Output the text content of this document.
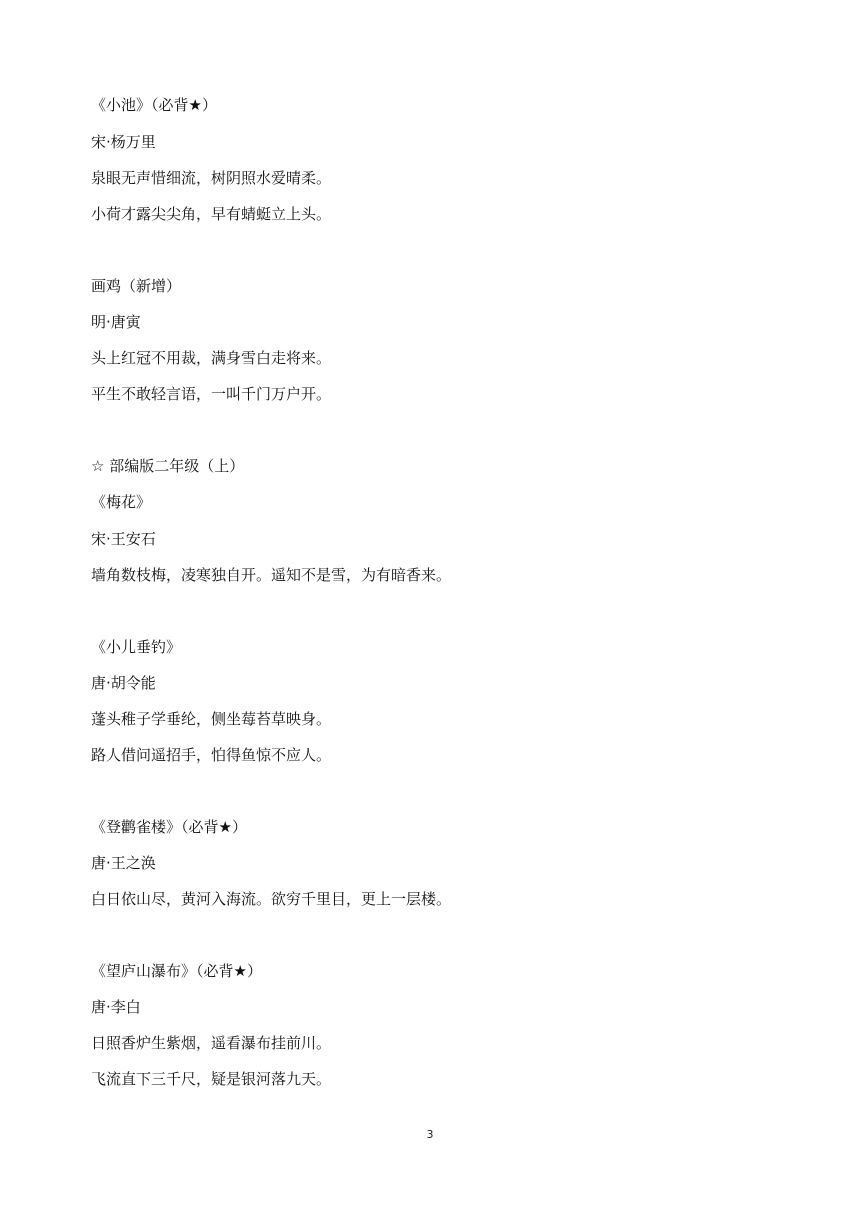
《小池》（必背★）
宋·杨万里
泉眼无声惜细流，树阴照水爱晴柔。
小荷才露尖尖角，早有蜻蜓立上头。
画鸡（新增）
明·唐寅
头上红冠不用裁，满身雪白走将来。
平生不敢轻言语，一叫千门万户开。
☆ 部编版二年级（上）
《梅花》
宋·王安石
墙角数枝梅，凌寒独自开。遥知不是雪，为有暗香来。
《小儿垂钓》
唐·胡令能
蓬头稚子学垂纶，侧坐莓苔草映身。
路人借问遥招手，怕得鱼惊不应人。
《登鹳雀楼》（必背★）
唐·王之涣
白日依山尽，黄河入海流。欲穷千里目，更上一层楼。
《望庐山瀑布》（必背★）
唐·李白
日照香炉生紫烟，遥看瀑布挂前川。
飞流直下三千尺，疑是银河落九天。
3
